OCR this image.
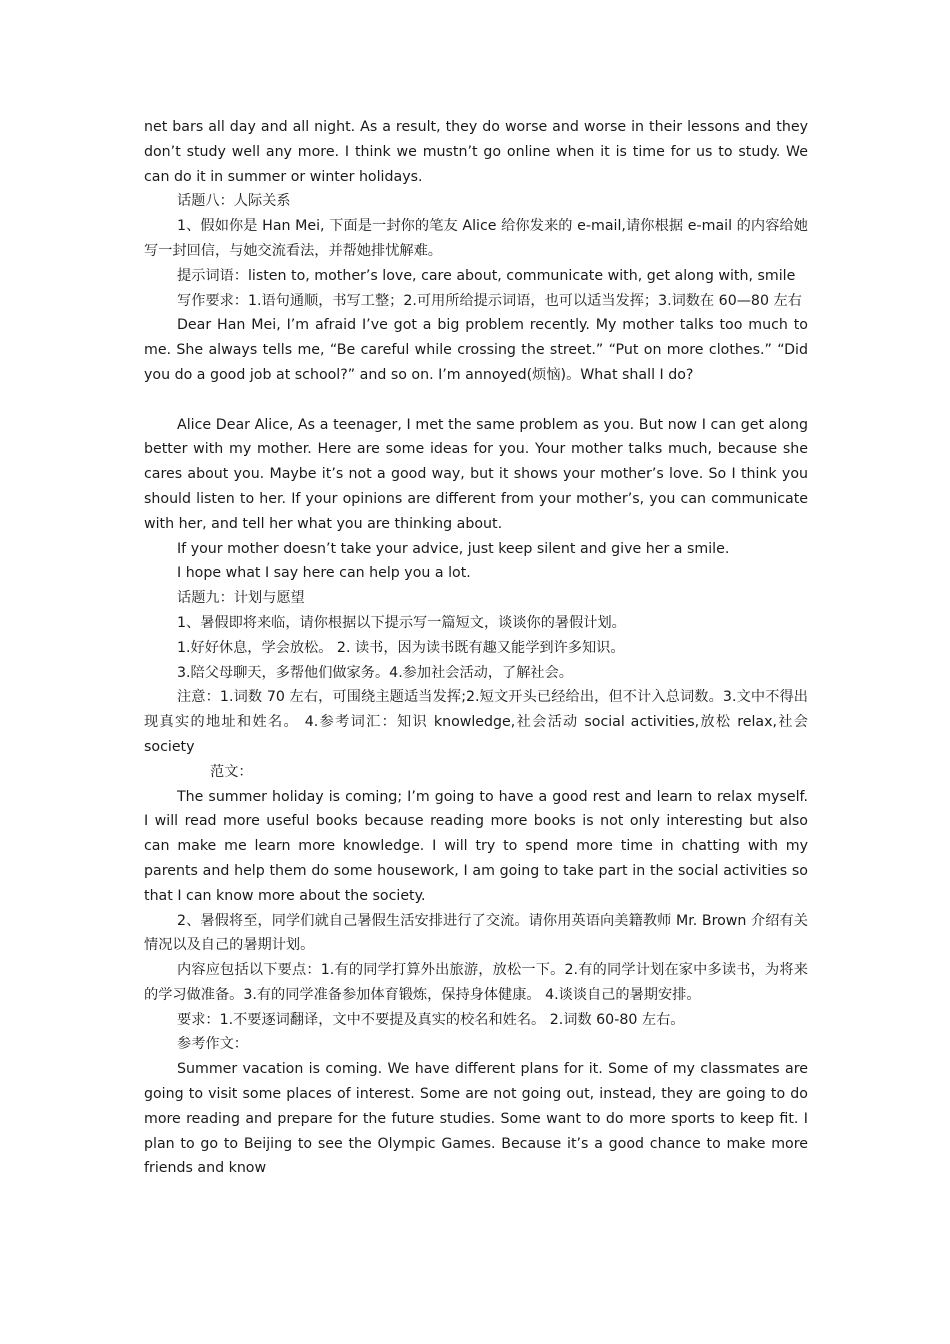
net bars all day and all night. As a result, they do worse and worse in their lessons and they don’t study well any more. I think we mustn’t go online when it is time for us to study. We can do it in summer or winter holidays.

话题八：人际关系

1、假如你是 Han Mei, 下面是一封你的笔友 Alice 给你发来的 e-mail,请你根据 e-mail 的内容给她写一封回信，与她交流看法，并帮她排忧解难。

提示词语：listen to, mother’s love, care about, communicate with, get along with, smile

写作要求：1.语句通顺，书写工整；2.可用所给提示词语，也可以适当发挥；3.词数在 60—80 左右

Dear Han Mei, I’m afraid I’ve got a big problem recently. My mother talks too much to me. She always tells me, “Be careful while crossing the street.” “Put on more clothes.” “Did you do a good job at school?” and so on. I’m annoyed(烦恼)。What shall I do?

Alice Dear Alice, As a teenager, I met the same problem as you. But now I can get along better with my mother. Here are some ideas for you. Your mother talks much, because she cares about you. Maybe it’s not a good way, but it shows your mother’s love. So I think you should listen to her. If your opinions are different from your mother’s, you can communicate with her, and tell her what you are thinking about.

If your mother doesn’t take your advice, just keep silent and give her a smile.

I hope what I say here can help you a lot.

话题九：计划与愿望

1、暑假即将来临，请你根据以下提示写一篇短文，谈谈你的暑假计划。

1.好好休息，学会放松。 2. 读书，因为读书既有趣又能学到许多知识。

3.陪父母聊天，多帮他们做家务。4.参加社会活动，了解社会。

注意：1.词数 70 左右，可围绕主题适当发挥;2.短文开头已经给出，但不计入总词数。3.文中不得出现真实的地址和姓名。 4.参考词汇：知识 knowledge,社会活动 social activities,放松 relax,社会 society

范文：

The summer holiday is coming; I’m going to have a good rest and learn to relax myself. I will read more useful books because reading more books is not only interesting but also can make me learn more knowledge. I will try to spend more time in chatting with my parents and help them do some housework, I am going to take part in the social activities so that I can know more about the society.

2、暑假将至，同学们就自己暑假生活安排进行了交流。请你用英语向美籍教师 Mr. Brown 介绍有关情况以及自己的暑期计划。

内容应包括以下要点：1.有的同学打算外出旅游，放松一下。2.有的同学计划在家中多读书，为将来的学习做准备。3.有的同学准备参加体育锻炼，保持身体健康。 4.谈谈自己的暑期安排。

要求：1.不要逐词翻译，文中不要提及真实的校名和姓名。 2.词数 60-80 左右。

参考作文：

Summer vacation is coming. We have different plans for it. Some of my classmates are going to visit some places of interest. Some are not going out, instead, they are going to do more reading and prepare for the future studies. Some want to do more sports to keep fit. I plan to go to Beijing to see the Olympic Games. Because it’s a good chance to make more friends and know
